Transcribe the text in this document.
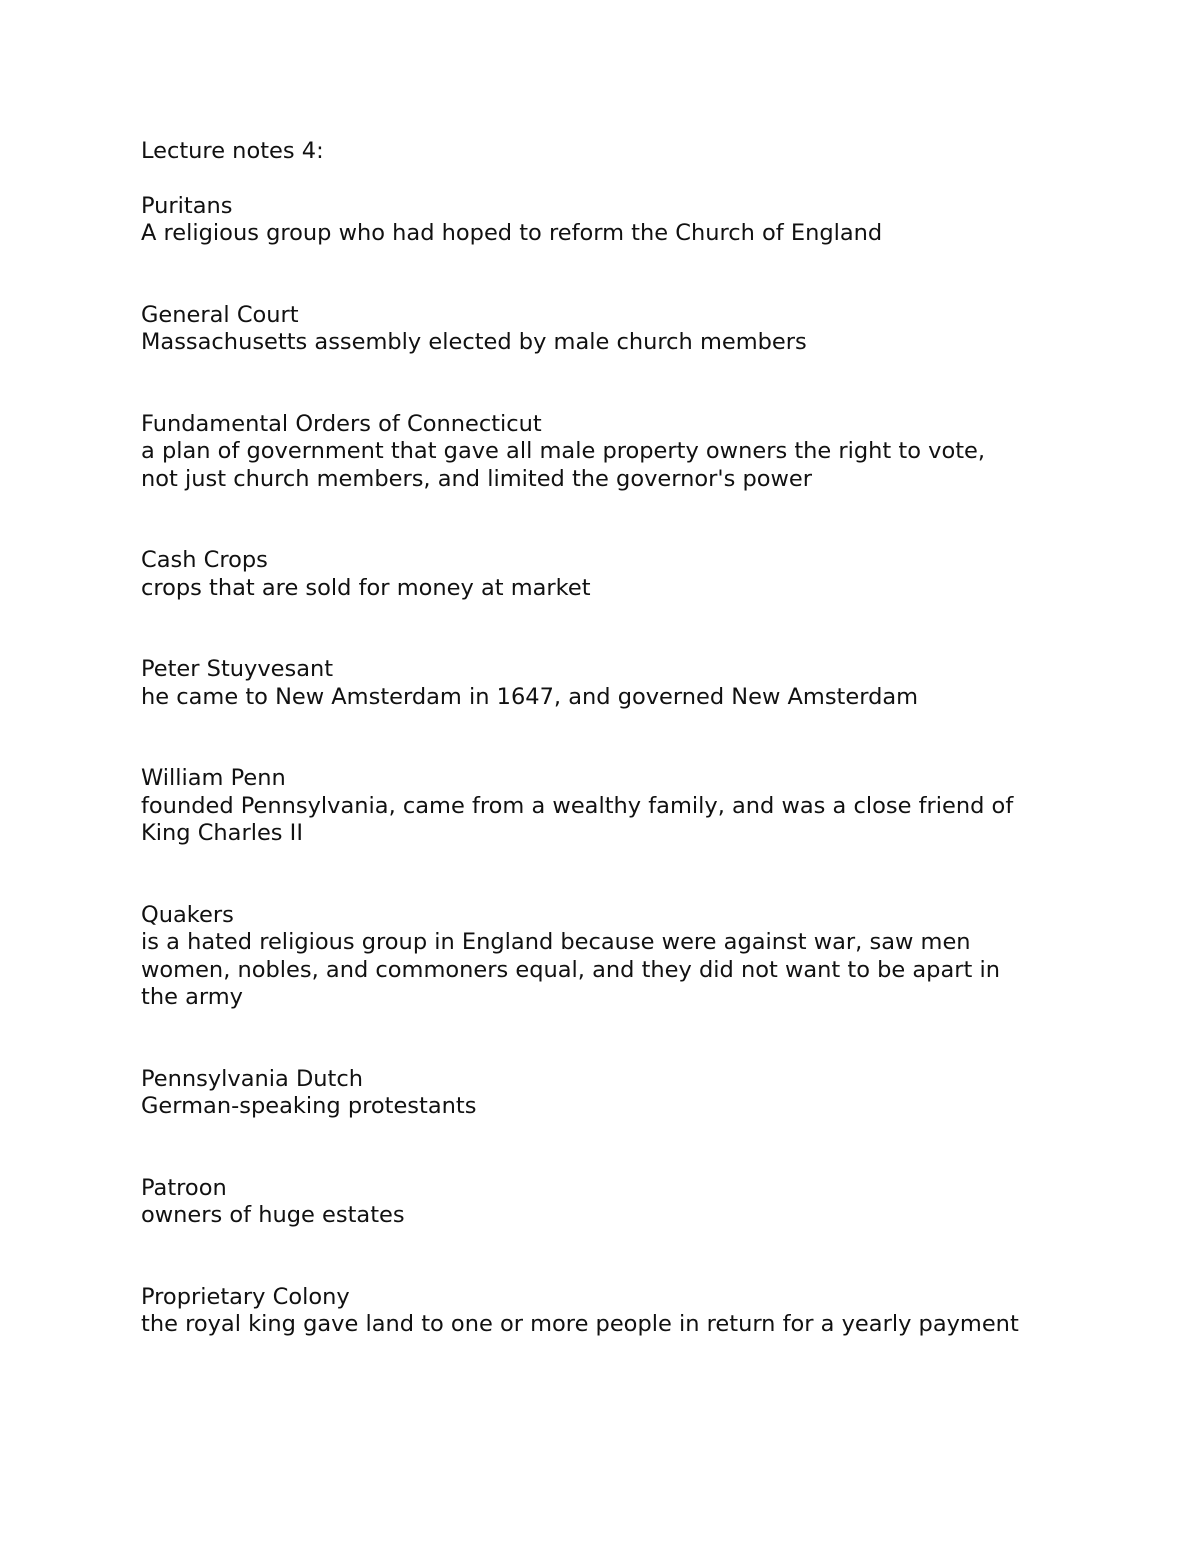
Lecture notes 4:
Puritans
A religious group who had hoped to reform the Church of England
General Court
Massachusetts assembly elected by male church members
Fundamental Orders of Connecticut
a plan of government that gave all male property owners the right to vote,
not just church members, and limited the governor's power
Cash Crops
crops that are sold for money at market
Peter Stuyvesant
he came to New Amsterdam in 1647, and governed New Amsterdam
William Penn
founded Pennsylvania, came from a wealthy family, and was a close friend of
King Charles II
Quakers
is a hated religious group in England because were against war, saw men
women, nobles, and commoners equal, and they did not want to be apart in
the army
Pennsylvania Dutch
German-speaking protestants
Patroon
owners of huge estates
Proprietary Colony
the royal king gave land to one or more people in return for a yearly payment
